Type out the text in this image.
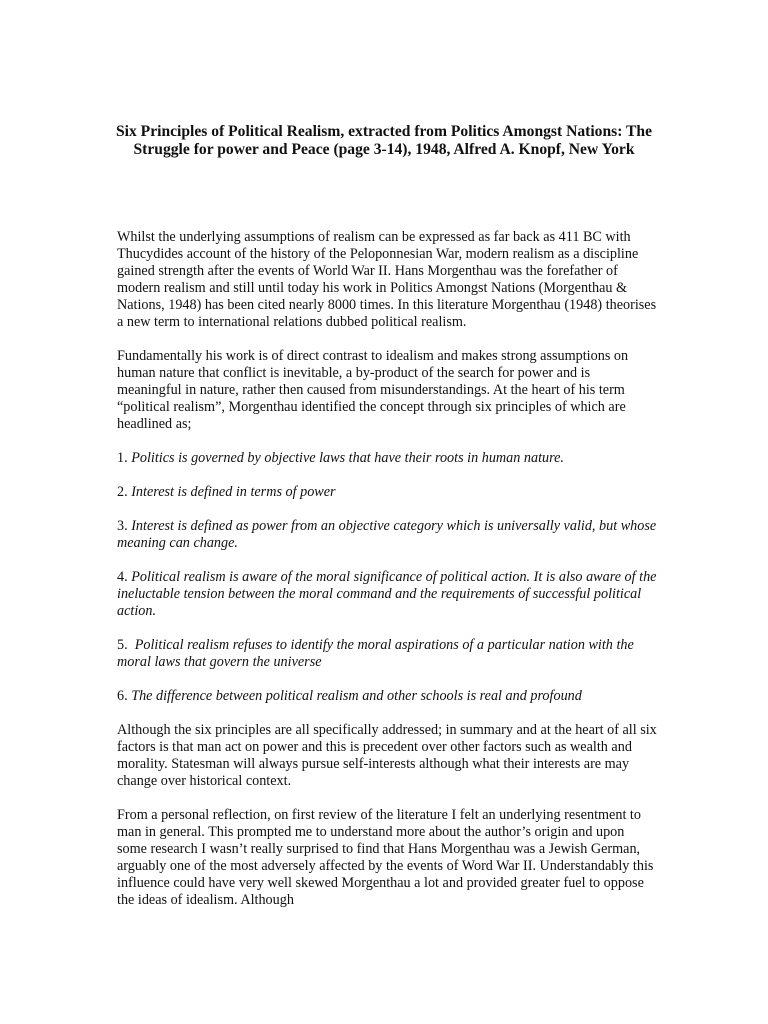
Six Principles of Political Realism, extracted from Politics Amongst Nations: The Struggle for power and Peace (page 3-14), 1948, Alfred A. Knopf, New York

Whilst the underlying assumptions of realism can be expressed as far back as 411 BC with Thucydides account of the history of the Peloponnesian War, modern realism as a discipline gained strength after the events of World War II. Hans Morgenthau was the forefather of modern realism and still until today his work in Politics Amongst Nations (Morgenthau & Nations, 1948) has been cited nearly 8000 times. In this literature Morgenthau (1948) theorises a new term to international relations dubbed political realism.

Fundamentally his work is of direct contrast to idealism and makes strong assumptions on human nature that conflict is inevitable, a by-product of the search for power and is meaningful in nature, rather then caused from misunderstandings. At the heart of his term “political realism”, Morgenthau identified the concept through six principles of which are headlined as;

1. Politics is governed by objective laws that have their roots in human nature.

2. Interest is defined in terms of power

3. Interest is defined as power from an objective category which is universally valid, but whose meaning can change.

4. Political realism is aware of the moral significance of political action. It is also aware of the ineluctable tension between the moral command and the requirements of successful political action.

5. Political realism refuses to identify the moral aspirations of a particular nation with the moral laws that govern the universe

6. The difference between political realism and other schools is real and profound

Although the six principles are all specifically addressed; in summary and at the heart of all six factors is that man act on power and this is precedent over other factors such as wealth and morality. Statesman will always pursue self-interests although what their interests are may change over historical context.

From a personal reflection, on first review of the literature I felt an underlying resentment to man in general. This prompted me to understand more about the author’s origin and upon some research I wasn’t really surprised to find that Hans Morgenthau was a Jewish German, arguably one of the most adversely affected by the events of Word War II. Understandably this influence could have very well skewed Morgenthau a lot and provided greater fuel to oppose the ideas of idealism. Although
